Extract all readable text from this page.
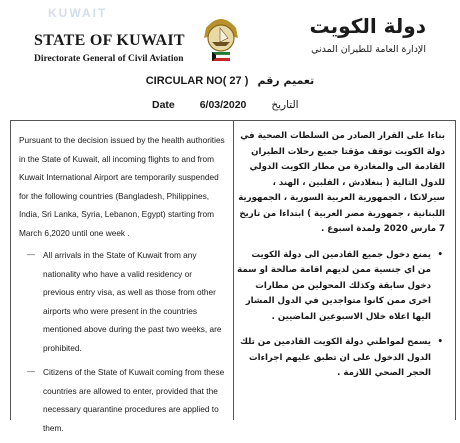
KUWAIT
STATE OF KUWAIT
Directorate General of Civil Aviation
دولة الكويت
الإدارة العامة للطيران المدني
CIRCULAR NO( 27 ) تعميم رقم
Date 6/03/2020 التاريخ

Pursuant to the decision issued by the health authorities in the State of Kuwait, all incoming flights to and from Kuwait International Airport are temporarily suspended for the following countries (Bangladesh, Philippines, India, Sri Lanka, Syria, Lebanon, Egypt) starting from March 6,2020 until one week .

— All arrivals in the State of Kuwait from any nationality who have a valid residency or previous entry visa, as well as those from other airports who were present in the countries mentioned above during the past two weeks, are prohibited.
— Citizens of the State of Kuwait coming from these countries are allowed to enter, provided that the necessary quarantine procedures are applied to them.

بناءا على القرار الصادر من السلطات الصحية في دولة الكويت توقف مؤقتا جميع رحلات الطيران القادمة الى والمغادرة من مطار الكويت الدولي للدول التالية ( بنغلادش ، الفلبين ، الهند ، سيرلانكا ، الجمهورية العربية السورية ، الجمهورية اللبنانية ، جمهورية مصر العربية ) ابتداءا من تاريخ 7 مارس 2020 ولمدة اسبوع .

• يمنع دخول جميع القادمين الى دولة الكويت من اي جنسية ممن لديهم اقامة صالحة او سمة دخول سابقة وكذلك المحولين من مطارات اخرى ممن كانوا متواجدين في الدول المشار اليها اعلاه خلال الاسبوعين الماضيين .
• يسمح لمواطني دولة الكويت القادمين من تلك الدول الدخول على ان تطبق عليهم اجراءات الحجر الصحي اللازمة .
